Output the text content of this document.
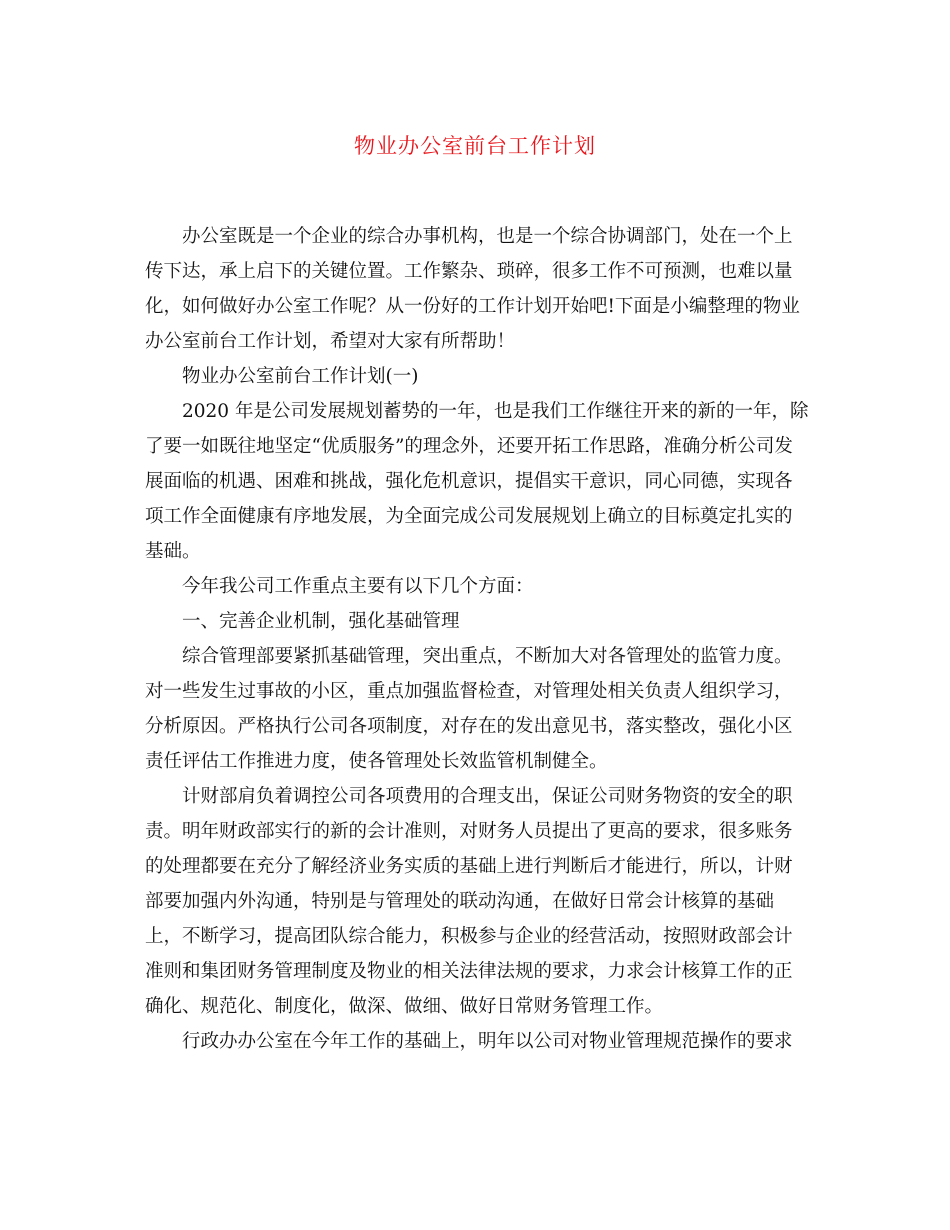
物业办公室前台工作计划

办公室既是一个企业的综合办事机构，也是一个综合协调部门，处在一个上
传下达，承上启下的关键位置。工作繁杂、琐碎，很多工作不可预测，也难以量
化，如何做好办公室工作呢？从一份好的工作计划开始吧!下面是小编整理的物业
办公室前台工作计划，希望对大家有所帮助！

物业办公室前台工作计划(一)

2020 年是公司发展规划蓄势的一年，也是我们工作继往开来的新的一年，除
了要一如既往地坚定“优质服务”的理念外，还要开拓工作思路，准确分析公司发
展面临的机遇、困难和挑战，强化危机意识，提倡实干意识，同心同德，实现各
项工作全面健康有序地发展，为全面完成公司发展规划上确立的目标奠定扎实的
基础。

今年我公司工作重点主要有以下几个方面：

一、完善企业机制，强化基础管理

综合管理部要紧抓基础管理，突出重点，不断加大对各管理处的监管力度。
对一些发生过事故的小区，重点加强监督检查，对管理处相关负责人组织学习，
分析原因。严格执行公司各项制度，对存在的发出意见书，落实整改，强化小区
责任评估工作推进力度，使各管理处长效监管机制健全。

计财部肩负着调控公司各项费用的合理支出，保证公司财务物资的安全的职
责。明年财政部实行的新的会计准则，对财务人员提出了更高的要求，很多账务
的处理都要在充分了解经济业务实质的基础上进行判断后才能进行，所以，计财
部要加强内外沟通，特别是与管理处的联动沟通，在做好日常会计核算的基础
上，不断学习，提高团队综合能力，积极参与企业的经营活动，按照财政部会计
准则和集团财务管理制度及物业的相关法律法规的要求，力求会计核算工作的正
确化、规范化、制度化，做深、做细、做好日常财务管理工作。

行政办办公室在今年工作的基础上，明年以公司对物业管理规范操作的要求
